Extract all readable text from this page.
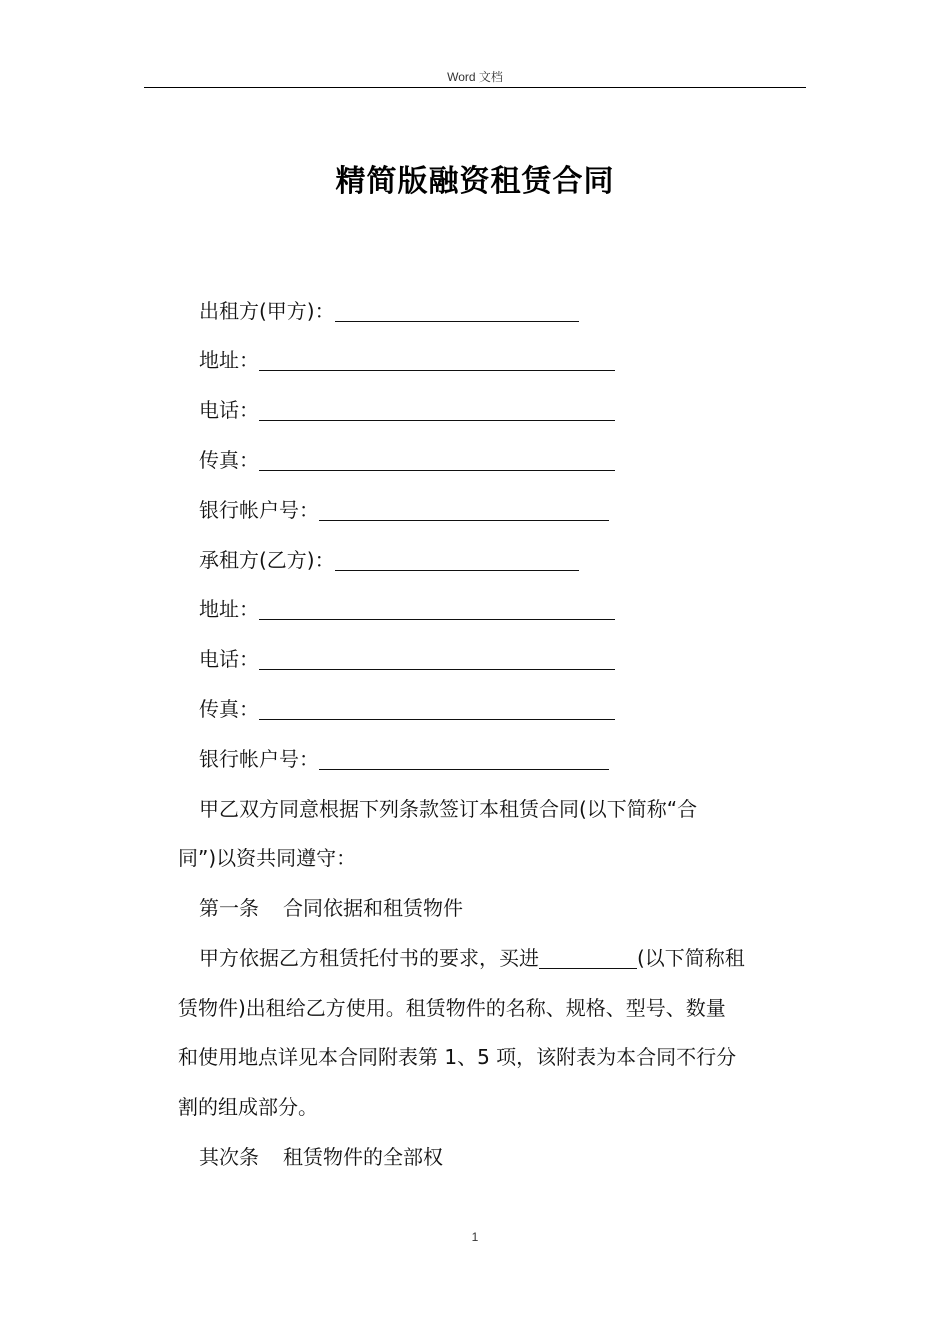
Word 文档
精简版融资租赁合同
出租方(甲方)：
地址：
电话：
传真：
银行帐户号：
承租方(乙方)：
地址：
电话：
传真：
银行帐户号：
甲乙双方同意根据下列条款签订本租赁合同(以下简称“合
同”)以资共同遵守：
第一条 合同依据和租赁物件
甲方依据乙方租赁托付书的要求，买进	(以下简称租
赁物件)出租给乙方使用。租赁物件的名称、规格、型号、数量
和使用地点详见本合同附表第 1、5 项，该附表为本合同不行分
割的组成部分。
其次条 租赁物件的全部权
1
